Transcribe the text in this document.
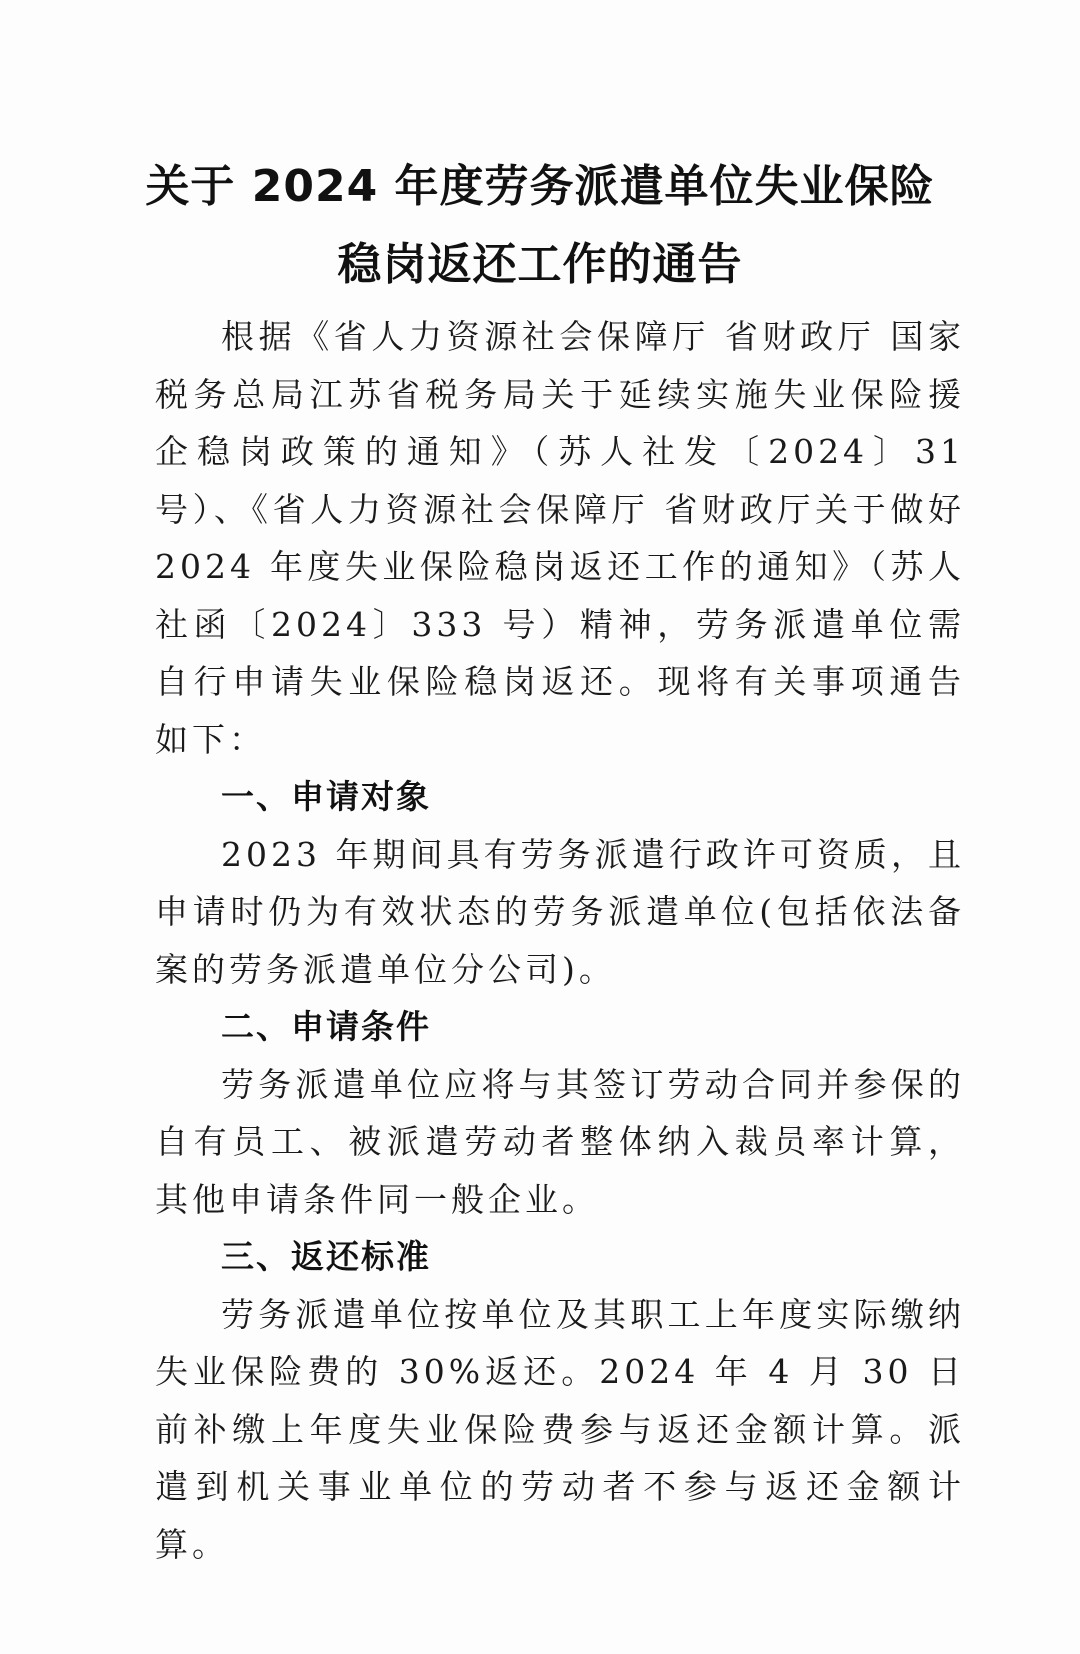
关于 2024 年度劳务派遣单位失业保险
稳岗返还工作的通告

根据《省人力资源社会保障厅 省财政厅 国家税务总局江苏省税务局关于延续实施失业保险援企稳岗政策的通知》（苏人社发〔2024〕31 号）、《省人力资源社会保障厅 省财政厅关于做好 2024 年度失业保险稳岗返还工作的通知》（苏人社函〔2024〕333 号）精神，劳务派遣单位需自行申请失业保险稳岗返还。现将有关事项通告如下：

一、申请对象

2023 年期间具有劳务派遣行政许可资质，且申请时仍为有效状态的劳务派遣单位(包括依法备案的劳务派遣单位分公司)。

二、申请条件

劳务派遣单位应将与其签订劳动合同并参保的自有员工、被派遣劳动者整体纳入裁员率计算，其他申请条件同一般企业。

三、返还标准

劳务派遣单位按单位及其职工上年度实际缴纳失业保险费的 30%返还。2024 年 4 月 30 日前补缴上年度失业保险费参与返还金额计算。派遣到机关事业单位的劳动者不参与返还金额计算。
